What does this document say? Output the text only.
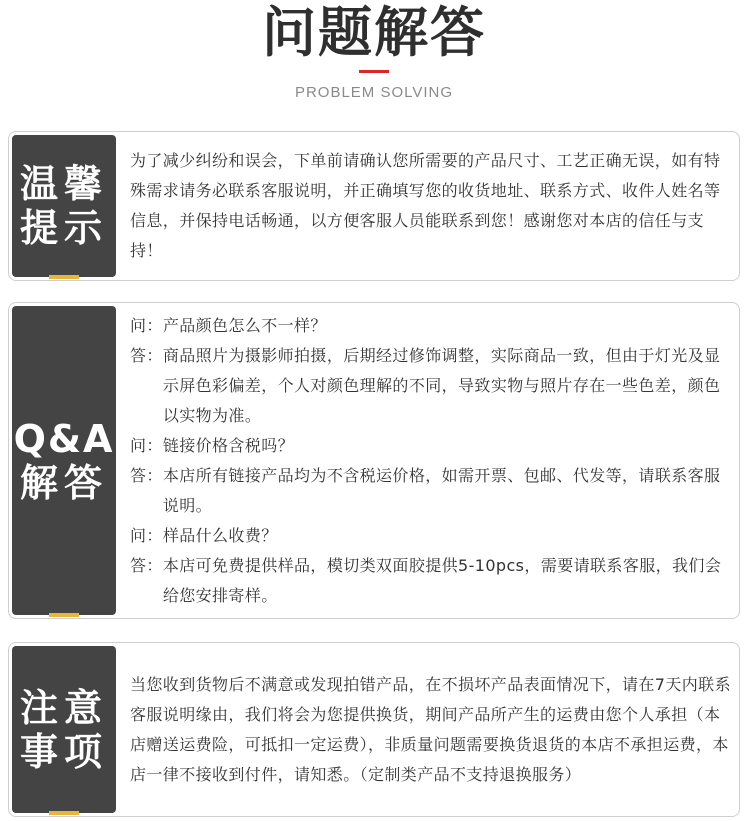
问题解答
PROBLEM SOLVING
温馨
提示

为了减少纠纷和误会，下单前请确认您所需要的产品尺寸、工艺正确无误，如有特殊需求请务必联系客服说明，并正确填写您的收货地址、联系方式、收件人姓名等信息，并保持电话畅通，以方便客服人员能联系到您！感谢您对本店的信任与支持！

Q&A
解答
问： 产品颜色怎么不一样？
答： 商品照片为摄影师拍摄，后期经过修饰调整，实际商品一致，但由于灯光及显示屏色彩偏差，个人对颜色理解的不同，导致实物与照片存在一些色差，颜色以实物为准。
问： 链接价格含税吗？
答： 本店所有链接产品均为不含税运价格，如需开票、包邮、代发等，请联系客服说明。
问： 样品什么收费？
答： 本店可免费提供样品，模切类双面胶提供5-10pcs，需要请联系客服，我们会给您安排寄样。
注意
事项

当您收到货物后不满意或发现拍错产品，在不损坏产品表面情况下，请在7天内联系客服说明缘由，我们将会为您提供换货，期间产品所产生的运费由您个人承担（本店赠送运费险，可抵扣一定运费），非质量问题需要换货退货的本店不承担运费，本店一律不接收到付件，请知悉。（定制类产品不支持退换服务）
